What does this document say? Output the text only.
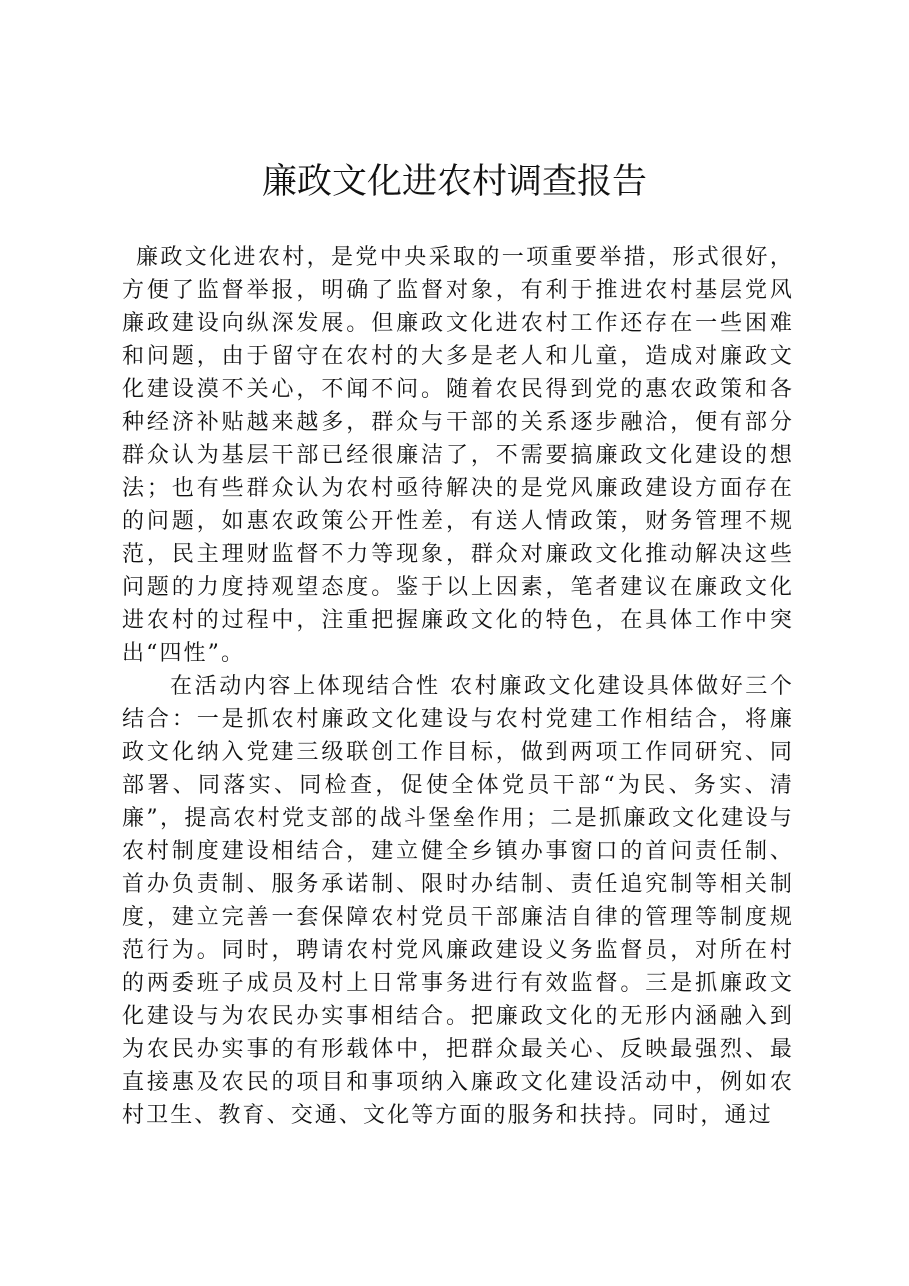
廉政文化进农村调查报告

廉政文化进农村，是党中央采取的一项重要举措，形式很好，方便了监督举报，明确了监督对象，有利于推进农村基层党风廉政建设向纵深发展。但廉政文化进农村工作还存在一些困难和问题，由于留守在农村的大多是老人和儿童，造成对廉政文化建设漠不关心，不闻不问。随着农民得到党的惠农政策和各种经济补贴越来越多，群众与干部的关系逐步融洽，便有部分群众认为基层干部已经很廉洁了，不需要搞廉政文化建设的想法；也有些群众认为农村亟待解决的是党风廉政建设方面存在的问题，如惠农政策公开性差，有送人情政策，财务管理不规范，民主理财监督不力等现象，群众对廉政文化推动解决这些问题的力度持观望态度。鉴于以上因素，笔者建议在廉政文化进农村的过程中，注重把握廉政文化的特色，在具体工作中突出“四性”。

在活动内容上体现结合性 农村廉政文化建设具体做好三个结合：一是抓农村廉政文化建设与农村党建工作相结合，将廉政文化纳入党建三级联创工作目标，做到两项工作同研究、同部署、同落实、同检查，促使全体党员干部“为民、务实、清廉”，提高农村党支部的战斗堡垒作用；二是抓廉政文化建设与农村制度建设相结合，建立健全乡镇办事窗口的首问责任制、首办负责制、服务承诺制、限时办结制、责任追究制等相关制度，建立完善一套保障农村党员干部廉洁自律的管理等制度规范行为。同时，聘请农村党风廉政建设义务监督员，对所在村的两委班子成员及村上日常事务进行有效监督。三是抓廉政文化建设与为农民办实事相结合。把廉政文化的无形内涵融入到为农民办实事的有形载体中，把群众最关心、反映最强烈、最直接惠及农民的项目和事项纳入廉政文化建设活动中，例如农村卫生、教育、交通、文化等方面的服务和扶持。同时，通过
